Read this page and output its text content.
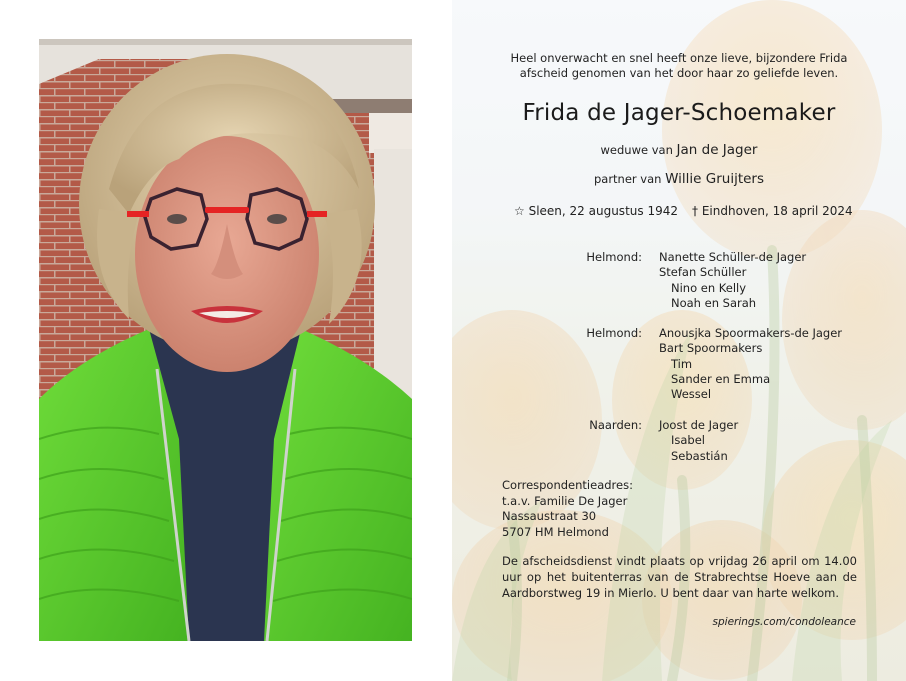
Heel onverwacht en snel heeft onze lieve, bijzondere Frida
afscheid genomen van het door haar zo geliefde leven.
Frida de Jager-Schoemaker
weduwe van Jan de Jager
partner van Willie Gruijters
☆ Sleen, 22 augustus 1942 † Eindhoven, 18 april 2024
Helmond: Nanette Schüller-de Jager
Stefan Schüller
Nino en Kelly
Noah en Sarah
Helmond: Anousjka Spoormakers-de Jager
Bart Spoormakers
Tim
Sander en Emma
Wessel
Naarden: Joost de Jager
Isabel
Sebastián
Correspondentieadres:
t.a.v. Familie De Jager
Nassaustraat 30
5707 HM Helmond
De afscheidsdienst vindt plaats op vrijdag 26 april om 14.00 uur op het buitenterras van de Strabrechtse Hoeve aan de Aardborstweg 19 in Mierlo. U bent daar van harte welkom.
spierings.com/condoleance
